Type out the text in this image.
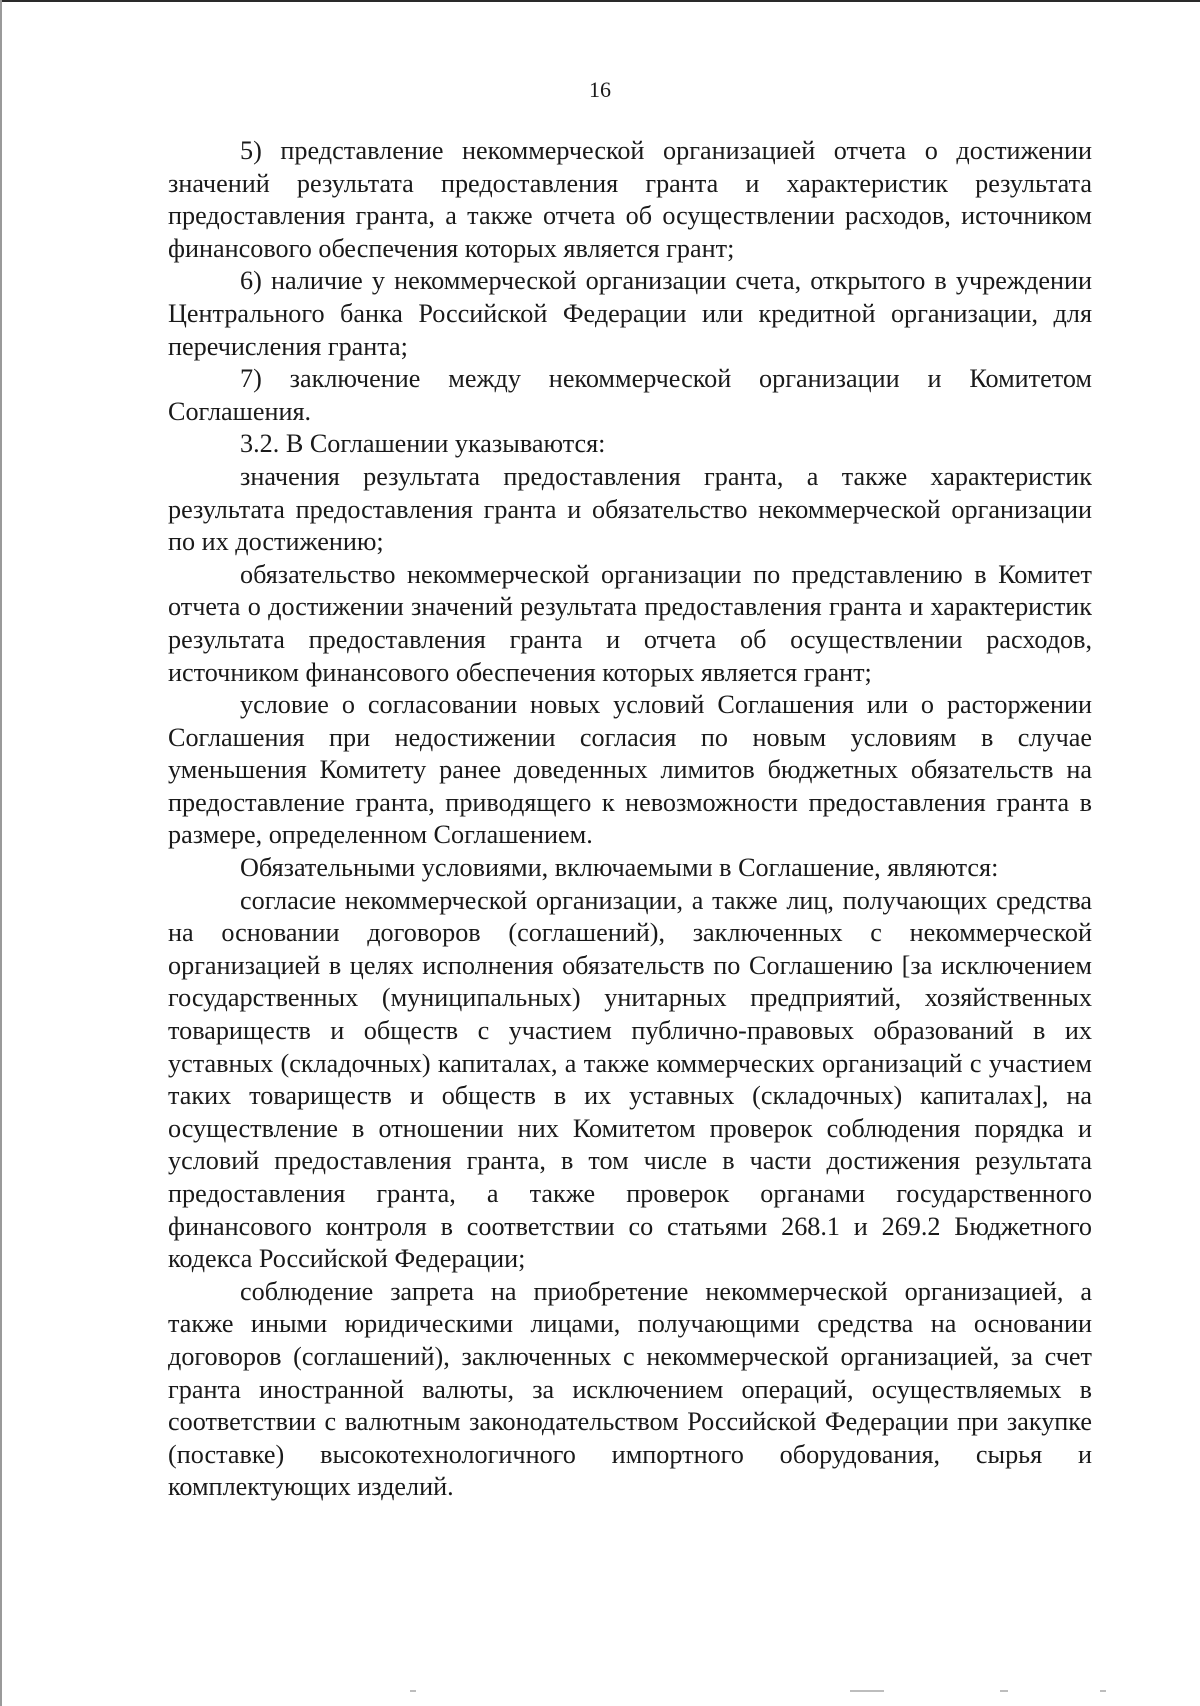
16

5) представление некоммерческой организацией отчета о достижении значений результата предоставления гранта и характеристик результата предоставления гранта, а также отчета об осуществлении расходов, источником финансового обеспечения которых является грант;

6) наличие у некоммерческой организации счета, открытого в учреждении Центрального банка Российской Федерации или кредитной организации, для перечисления гранта;

7) заключение между некоммерческой организации и Комитетом Соглашения.

3.2. В Соглашении указываются:

значения результата предоставления гранта, а также характеристик результата предоставления гранта и обязательство некоммерческой организации по их достижению;

обязательство некоммерческой организации по представлению в Комитет отчета о достижении значений результата предоставления гранта и характеристик результата предоставления гранта и отчета об осуществлении расходов, источником финансового обеспечения которых является грант;

условие о согласовании новых условий Соглашения или о расторжении Соглашения при недостижении согласия по новым условиям в случае уменьшения Комитету ранее доведенных лимитов бюджетных обязательств на предоставление гранта, приводящего к невозможности предоставления гранта в размере, определенном Соглашением.

Обязательными условиями, включаемыми в Соглашение, являются:

согласие некоммерческой организации, а также лиц, получающих средства на основании договоров (соглашений), заключенных с некоммерческой организацией в целях исполнения обязательств по Соглашению [за исключением государственных (муниципальных) унитарных предприятий, хозяйственных товариществ и обществ с участием публично-правовых образований в их уставных (складочных) капиталах, а также коммерческих организаций с участием таких товариществ и обществ в их уставных (складочных) капиталах], на осуществление в отношении них Комитетом проверок соблюдения порядка и условий предоставления гранта, в том числе в части достижения результата предоставления гранта, а также проверок органами государственного финансового контроля в соответствии со статьями 268.1 и 269.2 Бюджетного кодекса Российской Федерации;

соблюдение запрета на приобретение некоммерческой организацией, а также иными юридическими лицами, получающими средства на основании договоров (соглашений), заключенных с некоммерческой организацией, за счет гранта иностранной валюты, за исключением операций, осуществляемых в соответствии с валютным законодательством Российской Федерации при закупке (поставке) высокотехнологичного импортного оборудования, сырья и комплектующих изделий.
